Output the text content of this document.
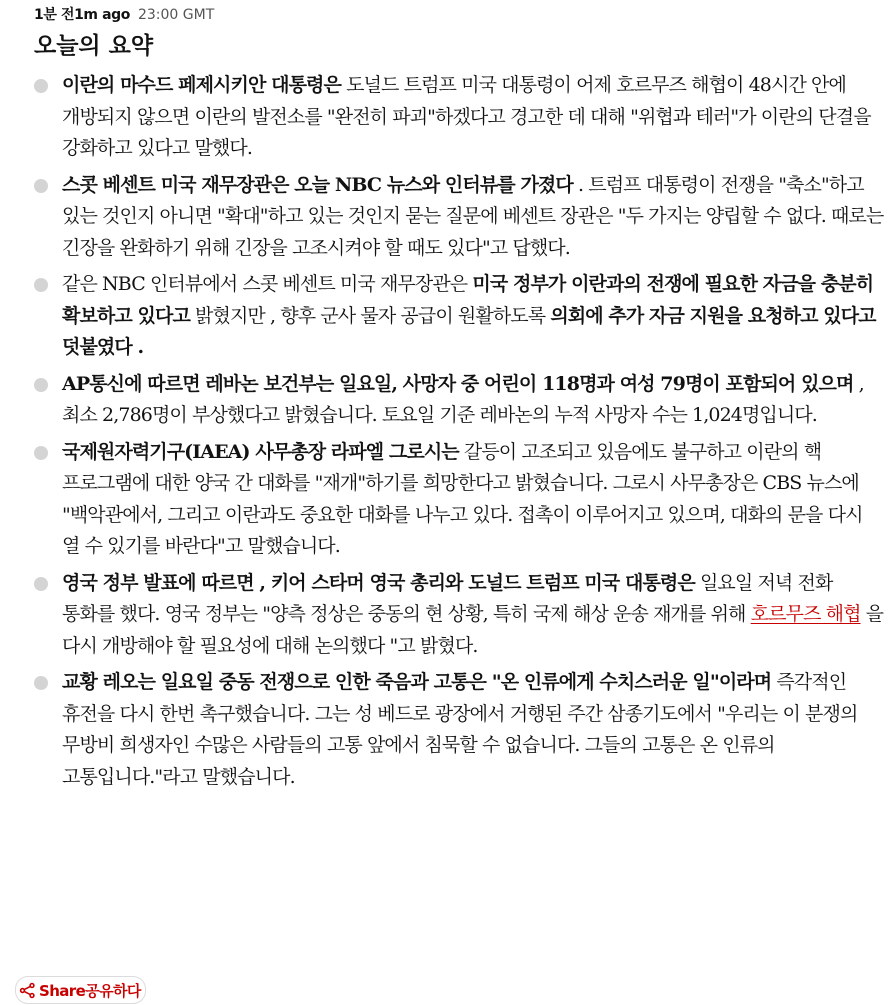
1분 전1m ago 23:00 GMT
오늘의 요약
이란의 마수드 페제시키안 대통령은 도널드 트럼프 미국 대통령이 어제 호르무즈 해협이 48시간 안에 개방되지 않으면 이란의 발전소를 "완전히 파괴"하겠다고 경고한 데 대해 "위협과 테러"가 이란의 단결을 강화하고 있다고 말했다.
스콧 베센트 미국 재무장관은 오늘 NBC 뉴스와 인터뷰를 가졌다 . 트럼프 대통령이 전쟁을 "축소"하고 있는 것인지 아니면 "확대"하고 있는 것인지 묻는 질문에 베센트 장관은 "두 가지는 양립할 수 없다. 때로는 긴장을 완화하기 위해 긴장을 고조시켜야 할 때도 있다"고 답했다.
같은 NBC 인터뷰에서 스콧 베센트 미국 재무장관은 미국 정부가 이란과의 전쟁에 필요한 자금을 충분히 확보하고 있다고 밝혔지만 , 향후 군사 물자 공급이 원활하도록 의회에 추가 자금 지원을 요청하고 있다고 덧붙였다 .
AP통신에 따르면 레바논 보건부는 일요일, 사망자 중 어린이 118명과 여성 79명이 포함되어 있으며 , 최소 2,786명이 부상했다고 밝혔습니다. 토요일 기준 레바논의 누적 사망자 수는 1,024명입니다.
국제원자력기구(IAEA) 사무총장 라파엘 그로시는 갈등이 고조되고 있음에도 불구하고 이란의 핵 프로그램에 대한 양국 간 대화를 "재개"하기를 희망한다고 밝혔습니다. 그로시 사무총장은 CBS 뉴스에 "백악관에서, 그리고 이란과도 중요한 대화를 나누고 있다. 접촉이 이루어지고 있으며, 대화의 문을 다시 열 수 있기를 바란다"고 말했습니다.
영국 정부 발표에 따르면 , 키어 스타머 영국 총리와 도널드 트럼프 미국 대통령은 일요일 저녁 전화 통화를 했다. 영국 정부는 "양측 정상은 중동의 현 상황, 특히 국제 해상 운송 재개를 위해 호르무즈 해협 을 다시 개방해야 할 필요성에 대해 논의했다 "고 밝혔다.
교황 레오는 일요일 중동 전쟁으로 인한 죽음과 고통은 "온 인류에게 수치스러운 일"이라며 즉각적인 휴전을 다시 한번 촉구했습니다. 그는 성 베드로 광장에서 거행된 주간 삼종기도에서 "우리는 이 분쟁의 무방비 희생자인 수많은 사람들의 고통 앞에서 침묵할 수 없습니다. 그들의 고통은 온 인류의 고통입니다."라고 말했습니다.
Share공유하다
